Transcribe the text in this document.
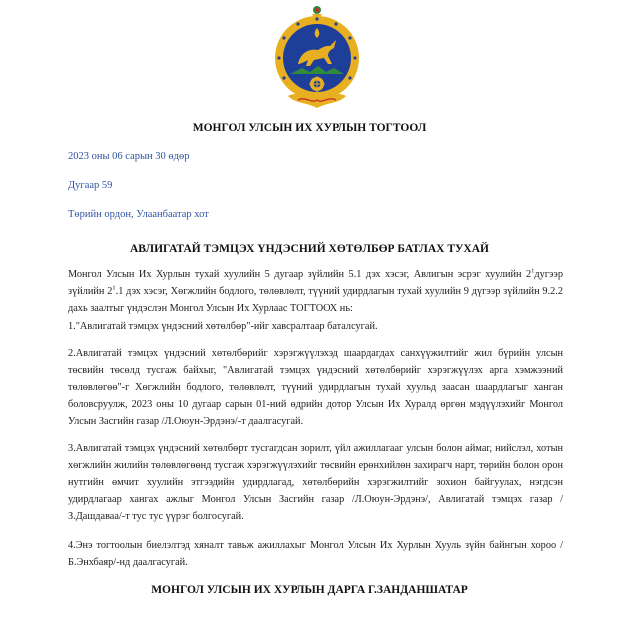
МОНГОЛ УЛСЫН ИХ ХУРЛЫН ТОГТООЛ

2023 оны 06 сарын 30 өдөр

Дугаар 59

Төрийн ордон, Улаанбаатар хот

АВЛИГАТАЙ ТЭМЦЭХ ҮНДЭСНИЙ ХӨТӨЛБӨР БАТЛАХ ТУХАЙ

Монгол Улсын Их Хурлын тухай хуулийн 5 дугаар зүйлийн 5.1 дэх хэсэг, Авлигын эсрэг хуулийн $2^1дугээр$ зүйлийн $2^1.1$ дэх хэсэг, Хөгжлийн бодлого, төлөвлөлт, түүний удирдлагын тухай хуулийн 9 дүгээр зүйлийн 9.2.2 дахь заалтыг үндэслэн Монгол Улсын Их Хурлаас ТОГТООХ нь:

1."Авлигатай тэмцэх үндэсний хөтөлбөр"-ийг хавсралтаар баталсугай.

2.Авлигатай тэмцэх үндэсний хөтөлбөрийг хэрэгжүүлэхэд шаардагдах санхүүжилтийг жил бүрийн улсын төсвийн төсөлд тусгаж байхыг, "Авлигатай тэмцэх үндэсний хөтөлбөрийг хэрэгжүүлэх арга хэмжээний төлөвлөгөө"-г Хөгжлийн бодлого, төлөвлөлт, түүний удирдлагын тухай хуульд заасан шаардлагыг ханган боловсруулж, 2023 оны 10 дугаар сарын 01-ний өдрийн дотор Улсын Их Хуралд өргөн мэдүүлэхийг Монгол Улсын Засгийн газар /Л.Оюун-Эрдэнэ/-т даалгасугай.

3.Авлигатай тэмцэх үндэсний хөтөлбөрт тусгагдсан зорилт, үйл ажиллагааг улсын болон аймаг, нийслэл, хотын хөгжлийн жилийн төлөвлөгөөнд тусгаж хэрэгжүүлэхийг төсвийн ерөнхийлөн захирагч нарт, төрийн болон орон нутгийн өмчит хуулийн этгээдийн удирдлагад, хөтөлбөрийн хэрэгжилтийг зохион байгуулах, нэгдсэн удирдлагаар хангах ажлыг Монгол Улсын Засгийн газар /Л.Оюун-Эрдэнэ/, Авлигатай тэмцэх газар /З.Дашдаваа/-т тус тус үүрэг болгосугай.

4.Энэ тогтоолын биелэлтэд хяналт тавьж ажиллахыг Монгол Улсын Их Хурлын Хууль зүйн байнгын хороо /Б.Энхбаяр/-нд даалгасугай.

МОНГОЛ УЛСЫН ИХ ХУРЛЫН ДАРГА Г.ЗАНДАНШАТАР
